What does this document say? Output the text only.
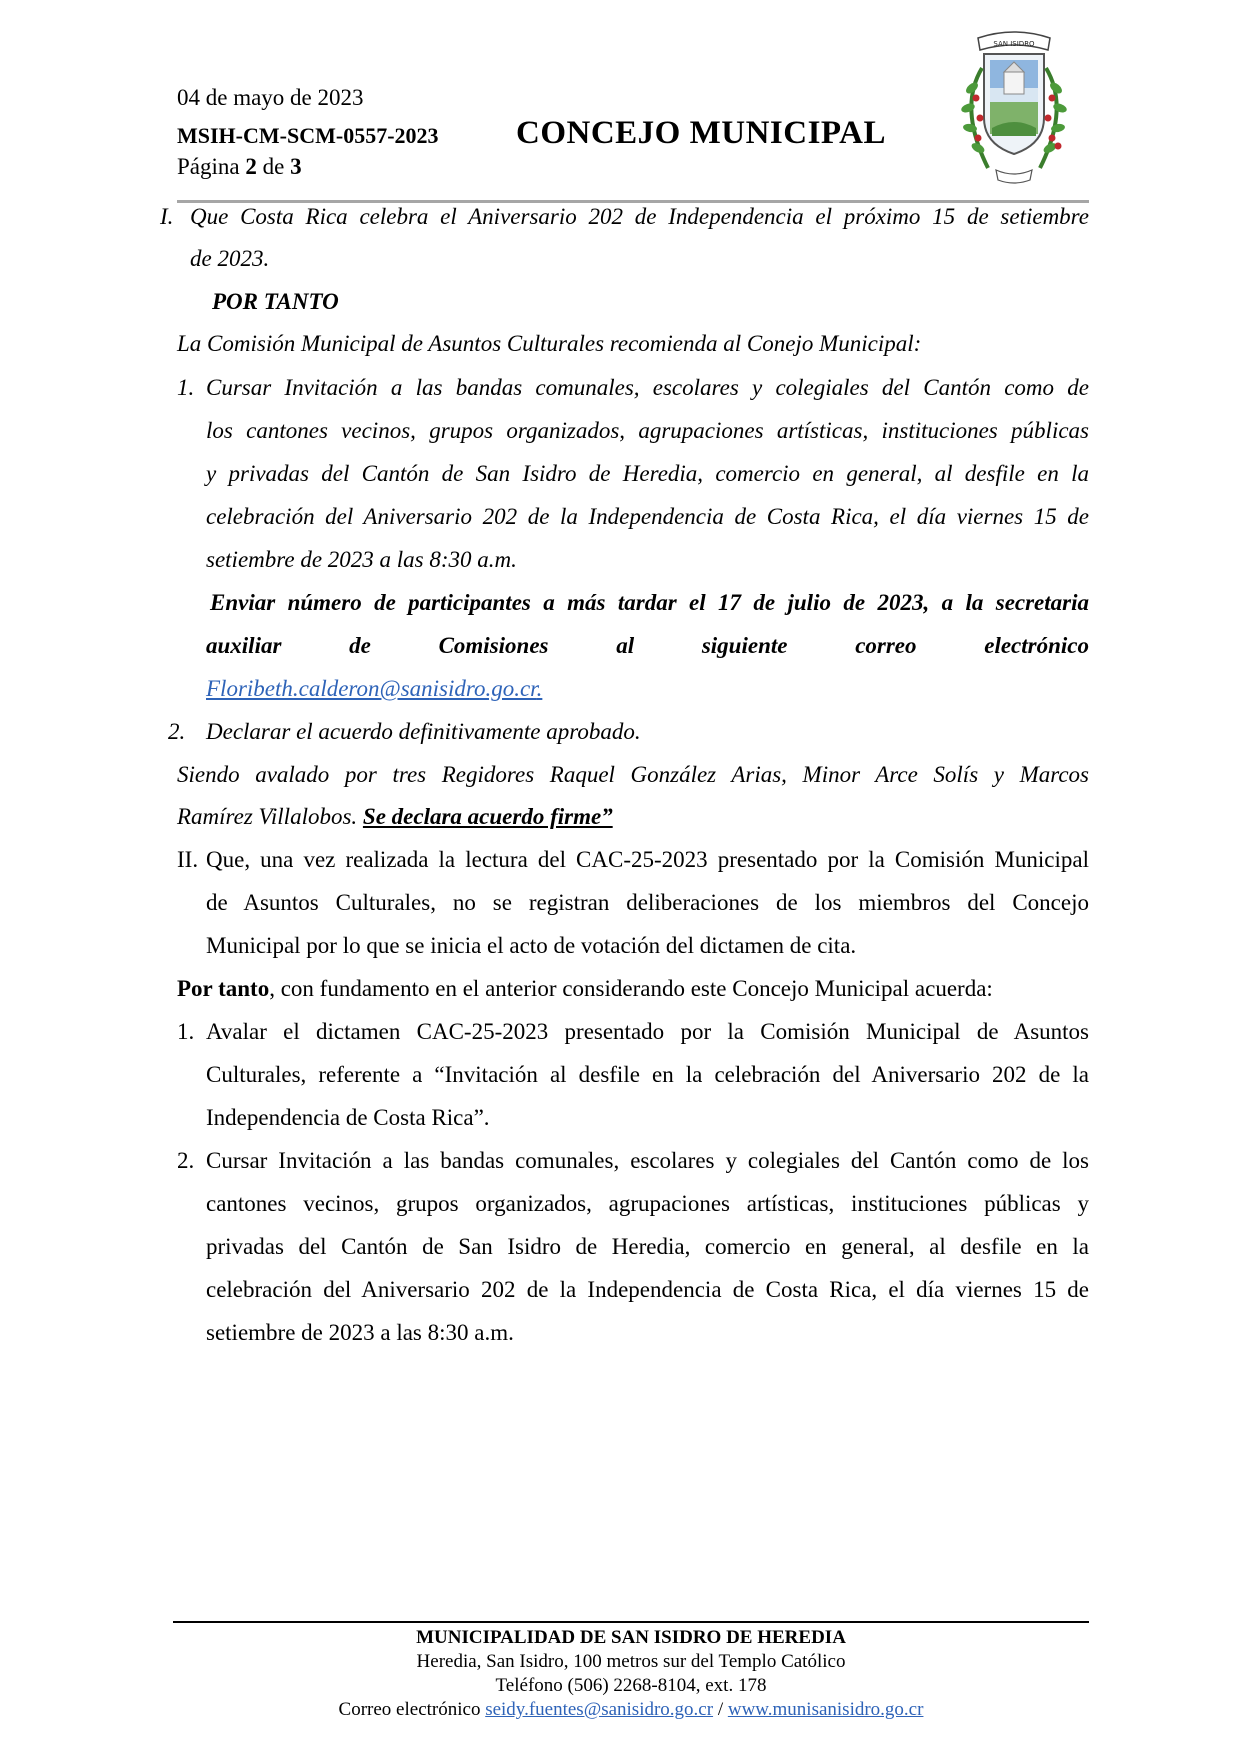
04 de mayo de 2023
MSIH-CM-SCM-0557-2023 CONCEJO MUNICIPAL
Página 2 de 3
SAN ISIDRO
I. Que Costa Rica celebra el Aniversario 202 de Independencia el próximo 15 de setiembre
de 2023.
POR TANTO
La Comisión Municipal de Asuntos Culturales recomienda al Conejo Municipal:
1. Cursar Invitación a las bandas comunales, escolares y colegiales del Cantón como de
los cantones vecinos, grupos organizados, agrupaciones artísticas, instituciones públicas
y privadas del Cantón de San Isidro de Heredia, comercio en general, al desfile en la
celebración del Aniversario 202 de la Independencia de Costa Rica, el día viernes 15 de
setiembre de 2023 a las 8:30 a.m.
Enviar número de participantes a más tardar el 17 de julio de 2023, a la secretaria
auxiliar de Comisiones al siguiente correo electrónico
Floribeth.calderon@sanisidro.go.cr.
2. Declarar el acuerdo definitivamente aprobado.
Siendo avalado por tres Regidores Raquel González Arias, Minor Arce Solís y Marcos
Ramírez Villalobos. Se declara acuerdo firme”
II. Que, una vez realizada la lectura del CAC-25-2023 presentado por la Comisión Municipal
de Asuntos Culturales, no se registran deliberaciones de los miembros del Concejo
Municipal por lo que se inicia el acto de votación del dictamen de cita.
Por tanto, con fundamento en el anterior considerando este Concejo Municipal acuerda:
1. Avalar el dictamen CAC-25-2023 presentado por la Comisión Municipal de Asuntos
Culturales, referente a “Invitación al desfile en la celebración del Aniversario 202 de la
Independencia de Costa Rica”.
2. Cursar Invitación a las bandas comunales, escolares y colegiales del Cantón como de los
cantones vecinos, grupos organizados, agrupaciones artísticas, instituciones públicas y
privadas del Cantón de San Isidro de Heredia, comercio en general, al desfile en la
celebración del Aniversario 202 de la Independencia de Costa Rica, el día viernes 15 de
setiembre de 2023 a las 8:30 a.m.
MUNICIPALIDAD DE SAN ISIDRO DE HEREDIA
Heredia, San Isidro, 100 metros sur del Templo Católico
Teléfono (506) 2268-8104, ext. 178
Correo electrónico seidy.fuentes@sanisidro.go.cr / www.munisanisidro.go.cr
